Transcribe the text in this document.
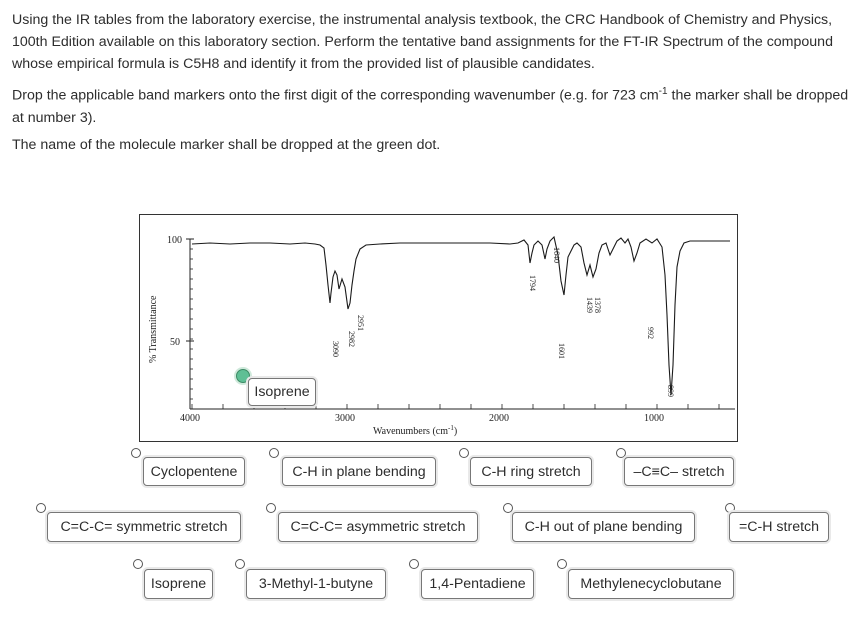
Using the IR tables from the laboratory exercise, the instrumental analysis textbook, the CRC Handbook of Chemistry and Physics, 100th Edition available on this laboratory section. Perform the tentative band assignments for the FT-IR Spectrum of the compound whose empirical formula is C5H8 and identify it from the provided list of plausible candidates.

Drop the applicable band markers onto the first digit of the corresponding wavenumber (e.g. for 723 $cm^{-1}$ the marker shall be dropped at number 3).

The name of the molecule marker shall be dropped at the green dot.

100
50
% Transmittance
4000	3000	2000	1000
Wavenumbers $(cm^{-1})$
3090
2951
2982
1794
1640
1601
1378
1439
992
899
Isoprene
Cyclopentene	C-H in plane bending	C-H ring stretch	–C≡C– stretch
C=C-C= symmetric stretch	C=C-C= asymmetric stretch	C-H out of plane bending	=C-H stretch
Isoprene	3-Methyl-1-butyne	1,4-Pentadiene	Methylenecyclobutane
